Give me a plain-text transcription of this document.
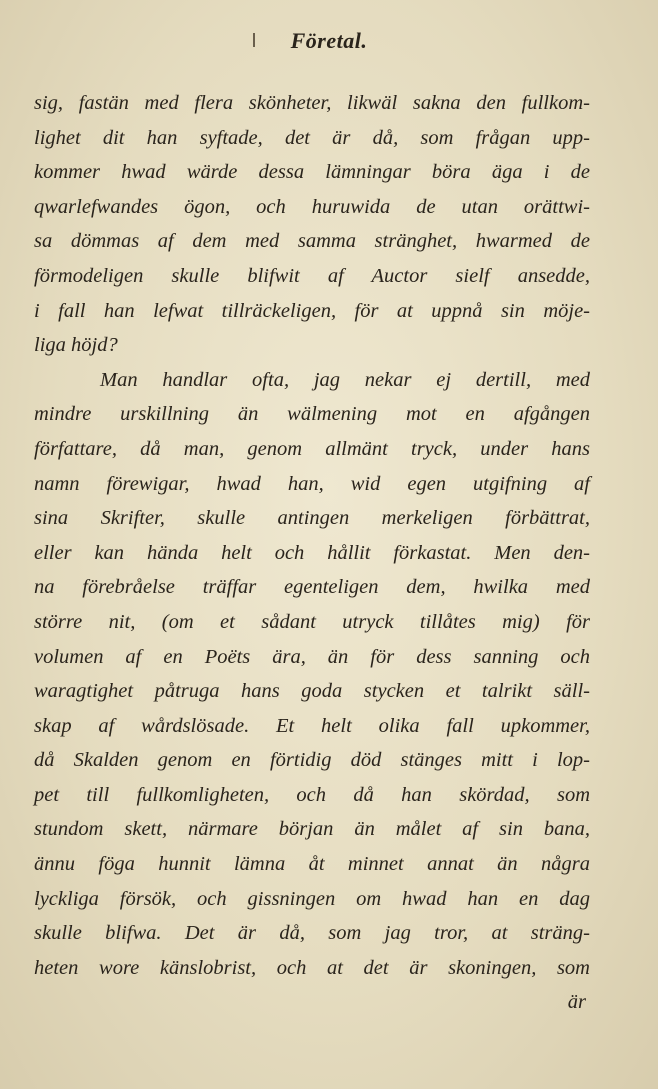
Företal.
sig, fastän med flera skönheter, likwäl sakna den fullkom-
lighet dit han syftade, det är då, som frågan upp-
kommer hwad wärde dessa lämningar böra äga i de
qwarlefwandes ögon, och huruwida de utan orättwi-
sa dömmas af dem med samma stränghet, hwarmed de
förmodeligen skulle blifwit af Auctor sielf ansedde,
i fall han lefwat tillräckeligen, för at uppnå sin möje-
liga höjd?
Man handlar ofta, jag nekar ej dertill, med
mindre urskillning än wälmening mot en afgången
författare, då man, genom allmänt tryck, under hans
namn förewigar, hwad han, wid egen utgifning af
sina Skrifter, skulle antingen merkeligen förbättrat,
eller kan hända helt och hållit förkastat. Men den-
na förebråelse träffar egenteligen dem, hwilka med
större nit, (om et sådant utryck tillåtes mig) för
volumen af en Poëts ära, än för dess sanning och
waragtighet påtruga hans goda stycken et talrikt säll-
skap af wårdslösade. Et helt olika fall upkommer,
då Skalden genom en förtidig död stänges mitt i lop-
pet till fullkomligheten, och då han skördad, som
stundom skett, närmare början än målet af sin bana,
ännu föga hunnit lämna åt minnet annat än några
lyckliga försök, och gissningen om hwad han en dag
skulle blifwa. Det är då, som jag tror, at sträng-
heten wore känslobrist, och at det är skoningen, som
är
